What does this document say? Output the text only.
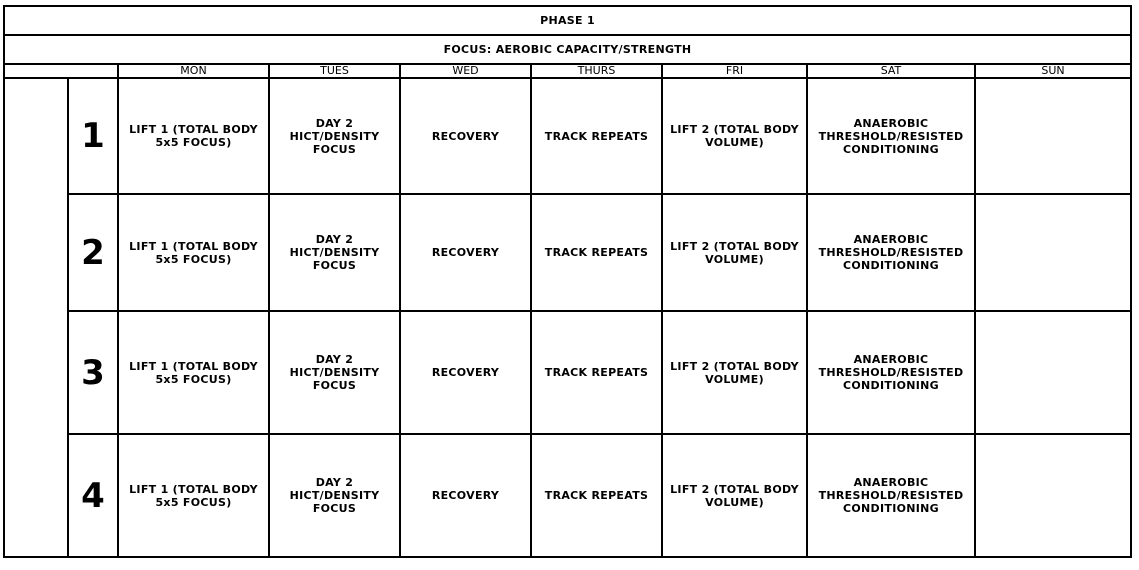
PHASE 1								
FOCUS: AEROBIC CAPACITY/STRENGTH								
		MON	TUES	WED	THURS	FRI	SAT	SUN
	1	LIFT 1 (TOTAL BODY 5x5 FOCUS)	DAY 2 HICT/DENSITY FOCUS	RECOVERY	TRACK REPEATS	LIFT 2 (TOTAL BODY VOLUME)	ANAEROBIC THRESHOLD/RESISTED CONDITIONING	
	2	LIFT 1 (TOTAL BODY 5x5 FOCUS)	DAY 2 HICT/DENSITY FOCUS	RECOVERY	TRACK REPEATS	LIFT 2 (TOTAL BODY VOLUME)	ANAEROBIC THRESHOLD/RESISTED CONDITIONING	
	3	LIFT 1 (TOTAL BODY 5x5 FOCUS)	DAY 2 HICT/DENSITY FOCUS	RECOVERY	TRACK REPEATS	LIFT 2 (TOTAL BODY VOLUME)	ANAEROBIC THRESHOLD/RESISTED CONDITIONING	
	4	LIFT 1 (TOTAL BODY 5x5 FOCUS)	DAY 2 HICT/DENSITY FOCUS	RECOVERY	TRACK REPEATS	LIFT 2 (TOTAL BODY VOLUME)	ANAEROBIC THRESHOLD/RESISTED CONDITIONING	
